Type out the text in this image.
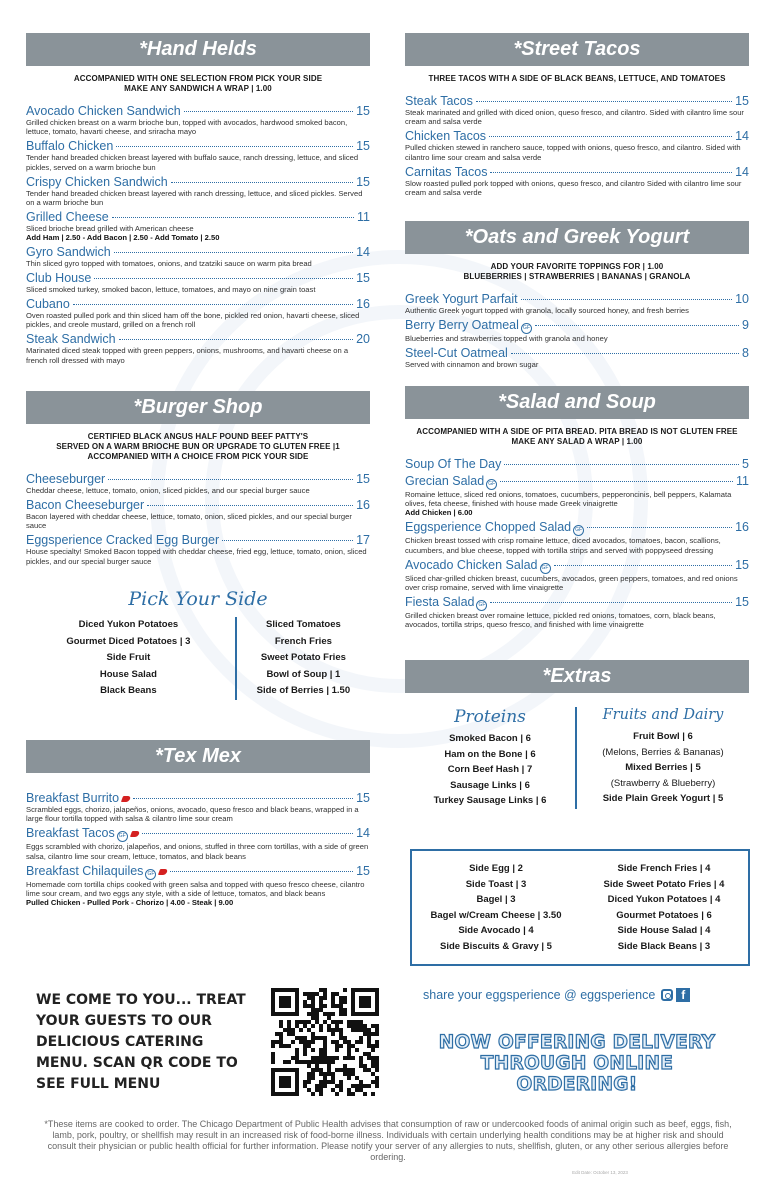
*Hand Helds
ACCOMPANIED WITH ONE SELECTION FROM PICK YOUR SIDE
MAKE ANY SANDWICH A WRAP | 1.00
Avocado Chicken Sandwich	15
Grilled chicken breast on a warm brioche bun, topped with avocados, hardwood smoked bacon, lettuce, tomato, havarti cheese, and sriracha mayo
Buffalo Chicken	15
Tender hand breaded chicken breast layered with buffalo sauce, ranch dressing, lettuce, and sliced pickles, served on a warm brioche bun
Crispy Chicken Sandwich	15
Tender hand breaded chicken breast layered with ranch dressing, lettuce, and sliced pickles. Served on a warm brioche bun
Grilled Cheese	11
Sliced brioche bread grilled with American cheese
Add Ham | 2.50 - Add Bacon | 2.50 - Add Tomato | 2.50
Gyro Sandwich	14
Thin sliced gyro topped with tomatoes, onions, and tzatziki sauce on warm pita bread
Club House	15
Sliced smoked turkey, smoked bacon, lettuce, tomatoes, and mayo on nine grain toast
Cubano	16
Oven roasted pulled pork and thin sliced ham off the bone, pickled red onion, havarti cheese, sliced pickles, and creole mustard, grilled on a french roll
Steak Sandwich	20
Marinated diced steak topped with green peppers, onions, mushrooms, and havarti cheese on a french roll dressed with mayo
*Burger Shop
CERTIFIED BLACK ANGUS HALF POUND BEEF PATTY'S
SERVED ON A WARM BRIOCHE BUN OR UPGRADE TO GLUTEN FREE |1
ACCOMPANIED WITH A CHOICE FROM PICK YOUR SIDE
Cheeseburger	15
Cheddar cheese, lettuce, tomato, onion, sliced pickles, and our special burger sauce
Bacon Cheeseburger	16
Bacon layered with cheddar cheese, lettuce, tomato, onion, sliced pickles, and our special burger sauce
Eggsperience Cracked Egg Burger	17
House specialty! Smoked Bacon topped with cheddar cheese, fried egg, lettuce, tomato, onion, sliced pickles, and our special burger sauce
Pick Your Side
Diced Yukon Potatoes
Gourmet Diced Potatoes | 3
Side Fruit
House Salad
Black Beans
Sliced Tomatoes
French Fries
Sweet Potato Fries
Bowl of Soup | 1
Side of Berries | 1.50
*Tex Mex
Breakfast Burrito	15
Scrambled eggs, chorizo, jalapeños, onions, avocado, queso fresco and black beans, wrapped in a large flour tortilla topped with salsa & cilantro lime sour cream
Breakfast Tacos GF	14
Eggs scrambled with chorizo, jalapeños, and onions, stuffed in three corn tortillas, with a side of green salsa, cilantro lime sour cream, lettuce, tomatos, and black beans
Breakfast Chilaquiles GF	15
Homemade corn tortilla chips cooked with green salsa and topped with queso fresco cheese, cilantro lime sour cream, and two eggs any style, with a side of lettuce, tomatos, and black beans
Pulled Chicken - Pulled Pork - Chorizo | 4.00 - Steak | 9.00
WE COME TO YOU... TREAT YOUR GUESTS TO OUR DELICIOUS CATERING MENU. SCAN QR CODE TO SEE FULL MENU
*Street Tacos
THREE TACOS WITH A SIDE OF BLACK BEANS, LETTUCE, AND TOMATOES
Steak Tacos	15
Steak marinated and grilled with diced onion, queso fresco, and cilantro. Sided with cilantro lime sour cream and salsa verde
Chicken Tacos	14
Pulled chicken stewed in ranchero sauce, topped with onions, queso fresco, and cilantro. Sided with cilantro lime sour cream and salsa verde
Carnitas Tacos	14
Slow roasted pulled pork topped with onions, queso fresco, and cilantro Sided with cilantro lime sour cream and salsa verde
*Oats and Greek Yogurt
ADD YOUR FAVORITE TOPPINGS FOR | 1.00
BLUEBERRIES | STRAWBERRIES | BANANAS | GRANOLA
Greek Yogurt Parfait	10
Authentic Greek yogurt topped with granola, locally sourced honey, and fresh berries
Berry Berry Oatmeal GF	9
Blueberries and strawberries topped with granola and honey
Steel-Cut Oatmeal	8
Served with cinnamon and brown sugar
*Salad and Soup
ACCOMPANIED WITH A SIDE OF PITA BREAD. PITA BREAD IS NOT GLUTEN FREE
MAKE ANY SALAD A WRAP | 1.00
Soup Of The Day	5
Grecian Salad GF	11
Romaine lettuce, sliced red onions, tomatoes, cucumbers, pepperoncinis, bell peppers, Kalamata olives, feta cheese, finished with house made Greek vinaigrette
Add Chicken | 6.00
Eggsperience Chopped Salad GF	16
Chicken breast tossed with crisp romaine lettuce, diced avocados, tomatoes, bacon, scallions, cucumbers, and blue cheese, topped with tortilla strips and served with poppyseed dressing
Avocado Chicken Salad GF	15
Sliced char-grilled chicken breast, cucumbers, avocados, green peppers, tomatoes, and red onions over crisp romaine, served with lime vinaigrette
Fiesta Salad GF	15
Grilled chicken breast over romaine lettuce, pickled red onions, tomatoes, corn, black beans, avocados, tortilla strips, queso fresco, and finished with lime vinaigrette
*Extras
Proteins
Smoked Bacon | 6
Ham on the Bone | 6
Corn Beef Hash | 7
Sausage Links | 6
Turkey Sausage Links | 6
Fruits and Dairy
Fruit Bowl | 6
(Melons, Berries & Bananas)
Mixed Berries | 5
(Strawberry & Blueberry)
Side Plain Greek Yogurt | 5
Side Egg | 2
Side Toast | 3
Bagel | 3
Bagel w/Cream Cheese | 3.50
Side Avocado | 4
Side Biscuits & Gravy | 5
Side French Fries | 4
Side Sweet Potato Fries | 4
Diced Yukon Potatoes | 4
Gourmet Potatoes | 6
Side House Salad | 4
Side Black Beans | 3
share your eggsperience @ eggsperience	f
NOW OFFERING DELIVERY THROUGH ONLINE ORDERING!
*These items are cooked to order. The Chicago Department of Public Health advises that consumption of raw or undercooked foods of animal origin such as beef, eggs, fish, lamb, pork, poultry, or shellfish may result in an increased risk of food-borne illness. Individuals with certain underlying health conditions may be at higher risk and should consult their physician or public health official for further information. Please notify your server of any allergies to nuts, shellfish, gluten, or any other serious allergies before ordering.
Edit Date: October 13, 2023
